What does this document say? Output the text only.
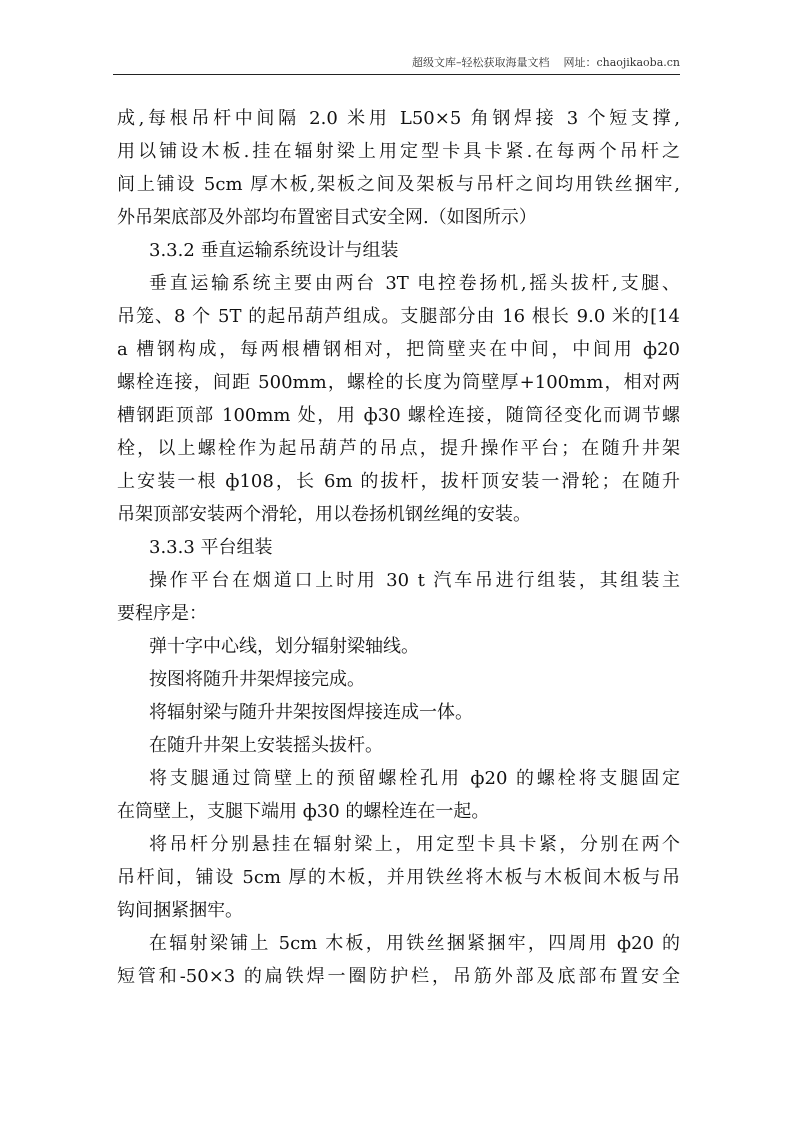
超级文库–轻松获取海量文档 网址：chaojikaoba.cn
成,每根吊杆中间隔 2.0 米用 L50×5 角钢焊接 3 个短支撑,
用以铺设木板.挂在辐射梁上用定型卡具卡紧.在每两个吊杆之
间上铺设 5cm 厚木板,架板之间及架板与吊杆之间均用铁丝捆牢,
外吊架底部及外部均布置密目式安全网.（如图所示）
3.3.2 垂直运输系统设计与组装
垂直运输系统主要由两台 3T 电控卷扬机,摇头拔杆,支腿、
吊笼、8 个 5T 的起吊葫芦组成。支腿部分由 16 根长 9.0 米的[14
a 槽钢构成，每两根槽钢相对，把筒壁夹在中间，中间用 ф20
螺栓连接，间距 500mm，螺栓的长度为筒壁厚+100mm，相对两
槽钢距顶部 100mm 处，用 ф30 螺栓连接，随筒径变化而调节螺
栓，以上螺栓作为起吊葫芦的吊点，提升操作平台；在随升井架
上安装一根 ф108，长 6m 的拔杆，拔杆顶安装一滑轮；在随升
吊架顶部安装两个滑轮，用以卷扬机钢丝绳的安装。
3.3.3 平台组装
操作平台在烟道口上时用 30 t 汽车吊进行组装，其组装主
要程序是：
弹十字中心线，划分辐射梁轴线。
按图将随升井架焊接完成。
将辐射梁与随升井架按图焊接连成一体。
在随升井架上安装摇头拔杆。
将支腿通过筒壁上的预留螺栓孔用 ф20 的螺栓将支腿固定
在筒壁上，支腿下端用 ф30 的螺栓连在一起。
将吊杆分别悬挂在辐射梁上，用定型卡具卡紧，分别在两个
吊杆间，铺设 5cm 厚的木板，并用铁丝将木板与木板间木板与吊
钩间捆紧捆牢。
在辐射梁铺上 5cm 木板，用铁丝捆紧捆牢，四周用 ф20 的
短管和-50×3 的扁铁焊一圈防护栏，吊筋外部及底部布置安全
